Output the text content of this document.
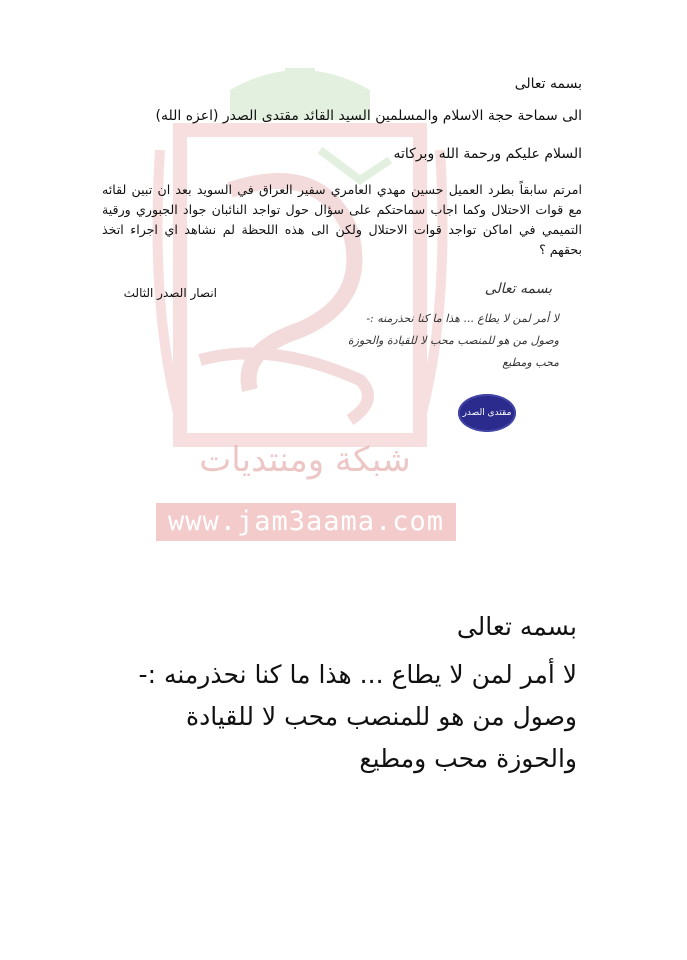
شبكة ومنتديات
www.jam3aama.com
بسمه تعالى
الى سماحة حجة الاسلام والمسلمين السيد القائد مقتدى الصدر (اعزه الله)
السلام عليكم ورحمة الله وبركاته
امرتم سابقاً بطرد العميل حسين مهدي العامري سفير العراق في السويد بعد ان تبين لقائه مع قوات الاحتلال وكما اجاب سماحتكم على سؤال حول تواجد النائبان جواد الجبوري ورقية التميمي في اماكن تواجد قوات الاحتلال ولكن الى هذه اللحظة لم نشاهد اي اجراء اتخذ بحقهم ؟
انصار الصدر الثالث	بسمه تعالى
لا أمر لمن لا يطاع ... هذا ما كنا نحذرمنه :-
وصول من هو للمنصب محب لا للقيادة والحوزة
محب ومطيع
مقتدى الصدر
بسمه تعالى
لا أمر لمن لا يطاع ... هذا ما كنا نحذرمنه :-
وصول من هو للمنصب محب لا للقيادة
والحوزة محب ومطيع
